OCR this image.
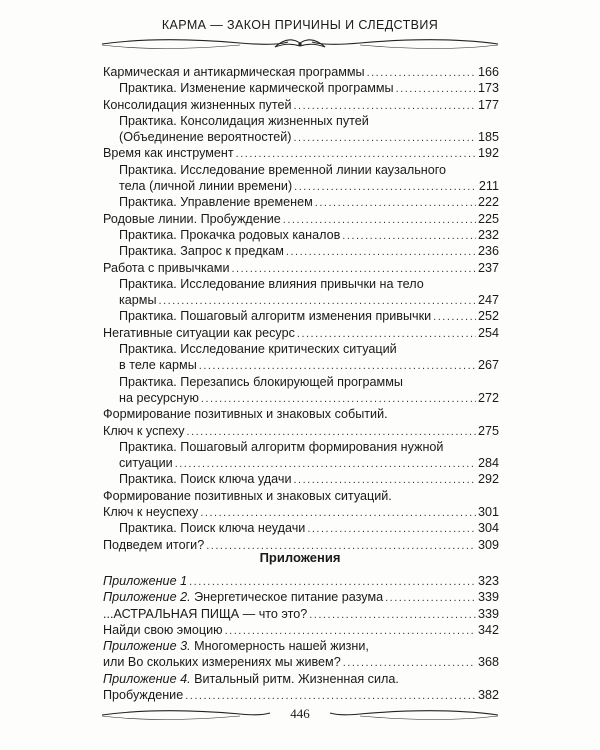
КАРМА — ЗАКОН ПРИЧИНЫ И СЛЕДСТВИЯ
Кармическая и антикармическая программы .....	166
Практика. Изменение кармической программы .....	173
Консолидация жизненных путей .....	177
Практика. Консолидация жизненных путей
(Объединение вероятностей) .....	185
Время как инструмент .....	192
Практика. Исследование временной линии каузального
тела (личной линии времени) .....	211
Практика. Управление временем .....	222
Родовые линии. Пробуждение .....	225
Практика. Прокачка родовых каналов .....	232
Практика. Запрос к предкам .....	236
Работа с привычками .....	237
Практика. Исследование влияния привычки на тело
кармы .....	247
Практика. Пошаговый алгоритм изменения привычки .....	252
Негативные ситуации как ресурс .....	254
Практика. Исследование критических ситуаций
в теле кармы .....	267
Практика. Перезапись блокирующей программы
на ресурсную .....	272
Формирование позитивных и знаковых событий.
Ключ к успеху .....	275
Практика. Пошаговый алгоритм формирования нужной
ситуации .....	284
Практика. Поиск ключа удачи .....	292
Формирование позитивных и знаковых ситуаций.
Ключ к неуспеху .....	301
Практика. Поиск ключа неудачи .....	304
Подведем итоги? .....	309
Приложения
Приложение 1 .....	323
Приложение 2. Энергетическое питание разума .....	339
...АСТРАЛЬНАЯ ПИЩА — что это? .....	339
Найди свою эмоцию .....	342
Приложение 3. Многомерность нашей жизни,
или Во скольких измерениях мы живем? .....	368
Приложение 4. Витальный ритм. Жизненная сила.
Пробуждение .....	382
446
